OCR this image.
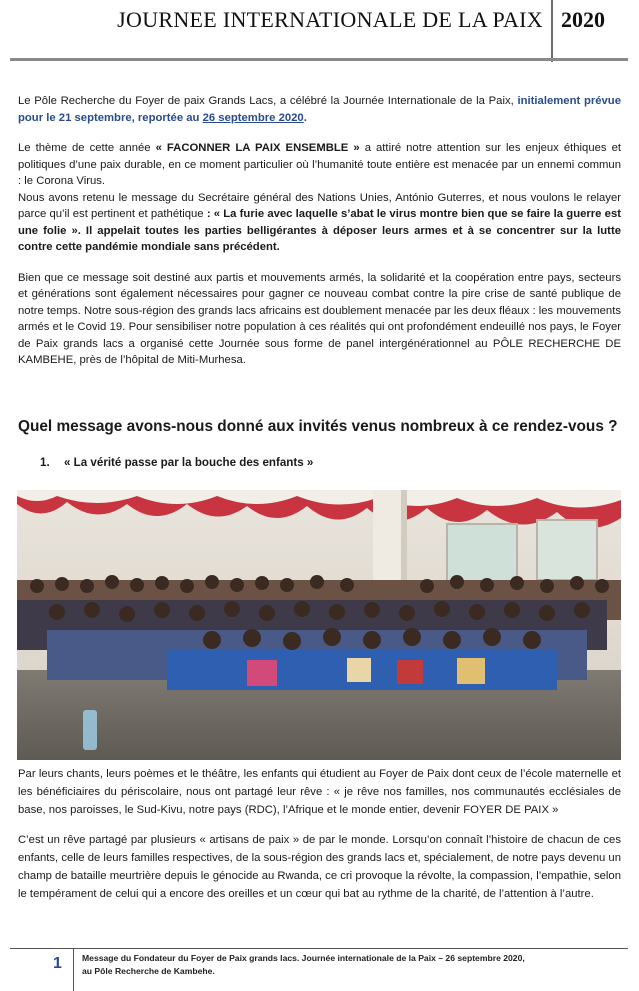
JOURNEE INTERNATIONALE DE LA PAIX 2020

Le Pôle Recherche du Foyer de paix Grands Lacs, a célébré la Journée Internationale de la Paix, initialement prévue pour le 21 septembre, reportée au 26 septembre 2020.

Le thème de cette année « FACONNER LA PAIX ENSEMBLE » a attiré notre attention sur les enjeux éthiques et politiques d’une paix durable, en ce moment particulier où l’humanité toute entière est menacée par un ennemi commun : le Corona Virus.
Nous avons retenu le message du Secrétaire général des Nations Unies, António Guterres, et nous voulons le relayer parce qu’il est pertinent et pathétique : « La furie avec laquelle s’abat le virus montre bien que se faire la guerre est une folie ». Il appelait toutes les parties belligérantes à déposer leurs armes et à se concentrer sur la lutte contre cette pandémie mondiale sans précédent.

Bien que ce message soit destiné aux partis et mouvements armés, la solidarité et la coopération entre pays, secteurs et générations sont également nécessaires pour gagner ce nouveau combat contre la pire crise de santé publique de notre temps. Notre sous-région des grands lacs africains est doublement menacée par les deux fléaux : les mouvements armés et le Covid 19. Pour sensibiliser notre population à ces réalités qui ont profondément endeuillé nos pays, le Foyer de Paix grands lacs a organisé cette Journée sous forme de panel intergénérationnel au PÔLE RECHERCHE DE KAMBEHE, près de l’hôpital de Miti-Murhesa.

Quel message avons-nous donné aux invités venus nombreux à ce rendez-vous ?
1. « La vérité passe par la bouche des enfants »

Par leurs chants, leurs poèmes et le théâtre, les enfants qui étudient au Foyer de Paix dont ceux de l’école maternelle et les bénéficiaires du périscolaire, nous ont partagé leur rêve : « je rêve nos familles, nos communautés ecclésiales de base, nos paroisses, le Sud-Kivu, notre pays (RDC), l’Afrique et le monde entier, devenir FOYER DE PAIX »

C’est un rêve partagé par plusieurs « artisans de paix » de par le monde. Lorsqu’on connaît l’histoire de chacun de ces enfants, celle de leurs familles respectives, de la sous-région des grands lacs et, spécialement, de notre pays devenu un champ de bataille meurtrière depuis le génocide au Rwanda, ce cri provoque la révolte, la compassion, l’empathie, selon le tempérament de celui qui a encore des oreilles et un cœur qui bat au rythme de la charité, de l’attention à l’autre.

1 Message du Fondateur du Foyer de Paix grands lacs. Journée internationale de la Paix – 26 septembre 2020,
au Pôle Recherche de Kambehe.
